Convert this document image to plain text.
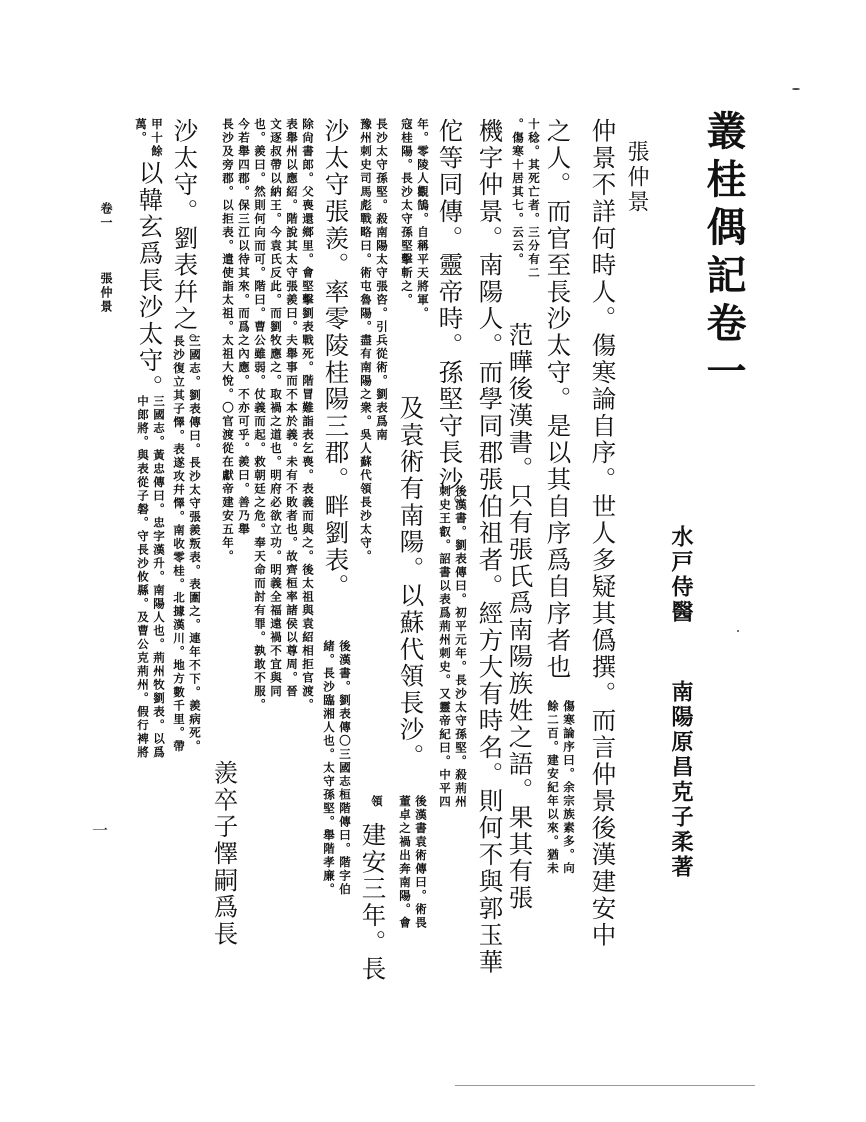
叢桂偶記卷一
水戸侍醫
南陽原昌克子柔著
張仲景
仲景不詳何時人。傷寒論自序。世人多疑其僞撰。而言仲景後漢建安中
之人。而官至長沙太守。是以其自序爲自序者也
傷寒論序曰。余宗族素多。向
餘二百。建安紀年以來。猶未
十稔。其死亡者。三分有二
。傷寒十居其七。云云。
范曄後漢書。只有張氏爲南陽族姓之語。果其有張
機字仲景。南陽人。而學同郡張伯祖者。經方大有時名。則何不與郭玉華
佗等同傳。靈帝時。孫堅守長沙。
後漢書。劉表傳曰。初平元年。長沙太守孫堅。殺荊州
刺史王叡。詔書以表爲荊州刺史。又靈帝紀曰。中平四
年。零陵人觀鵠。自稱平天將軍。
寇桂陽。長沙太守孫堅擊斬之。
及袁術有南陽。以蘇代領長沙。
後漢書袁術傳曰。術畏
董卓之禍出奔南陽。會
長沙太守孫堅。殺南陽太守張咨。引兵從術。劉表爲南
豫州刺史司馬彪戰略曰。術屯魯陽。盡有南陽之衆。吳人蘇代領長沙太守。
領
建安三年。長
沙太守張羨。率零陵桂陽三郡。畔劉表。
後漢書。劉表傳〇三國志桓階傳曰。階字伯
緒。長沙臨湘人也。太守孫堅。舉階孝廉。
除尙書郎。父喪還鄉里。會堅擊劉表戰死。階冒難詣表乞喪。表義而與之。後太祖與袁紹相拒官渡。
表舉州以應紹。階說其太守張羨曰。夫舉事而不本於義。未有不敗者也。故齊桓率諸侯以尊周。晉
文逐叔帶以納王。今袁氏反此。而劉牧應之。取禍之道也。明府必欲立功。明義全福遠禍不宜與同
也。羨曰。然則何向而可。階曰。曹公雖弱。仗義而起。救朝廷之危。奉天命而討有罪。孰敢不服。
今若舉四郡。保三江以待其來。而爲之內應。不亦可乎。羨曰。善乃舉
長沙及旁郡。以拒表。遣使詣太祖。太祖大悅。〇官渡從在獻帝建安五年。
羨卒子懌嗣爲長
沙太守。劉表幷之。
三國志。劉表傳曰。長沙太守張羨叛表。表圍之。連年不下。羨病死。
長沙復立其子懌。表遂攻幷懌。南收零桂。北據漢川。地方數千里。帶
甲十餘
萬。
以韓玄爲長沙太守。
三國志。黃忠傳曰。忠字漢升。南陽人也。荊州牧劉表。以爲
中郎將。與表從子磐。守長沙攸縣。及曹公克荊州。假行裨將
卷一
張仲景
一
